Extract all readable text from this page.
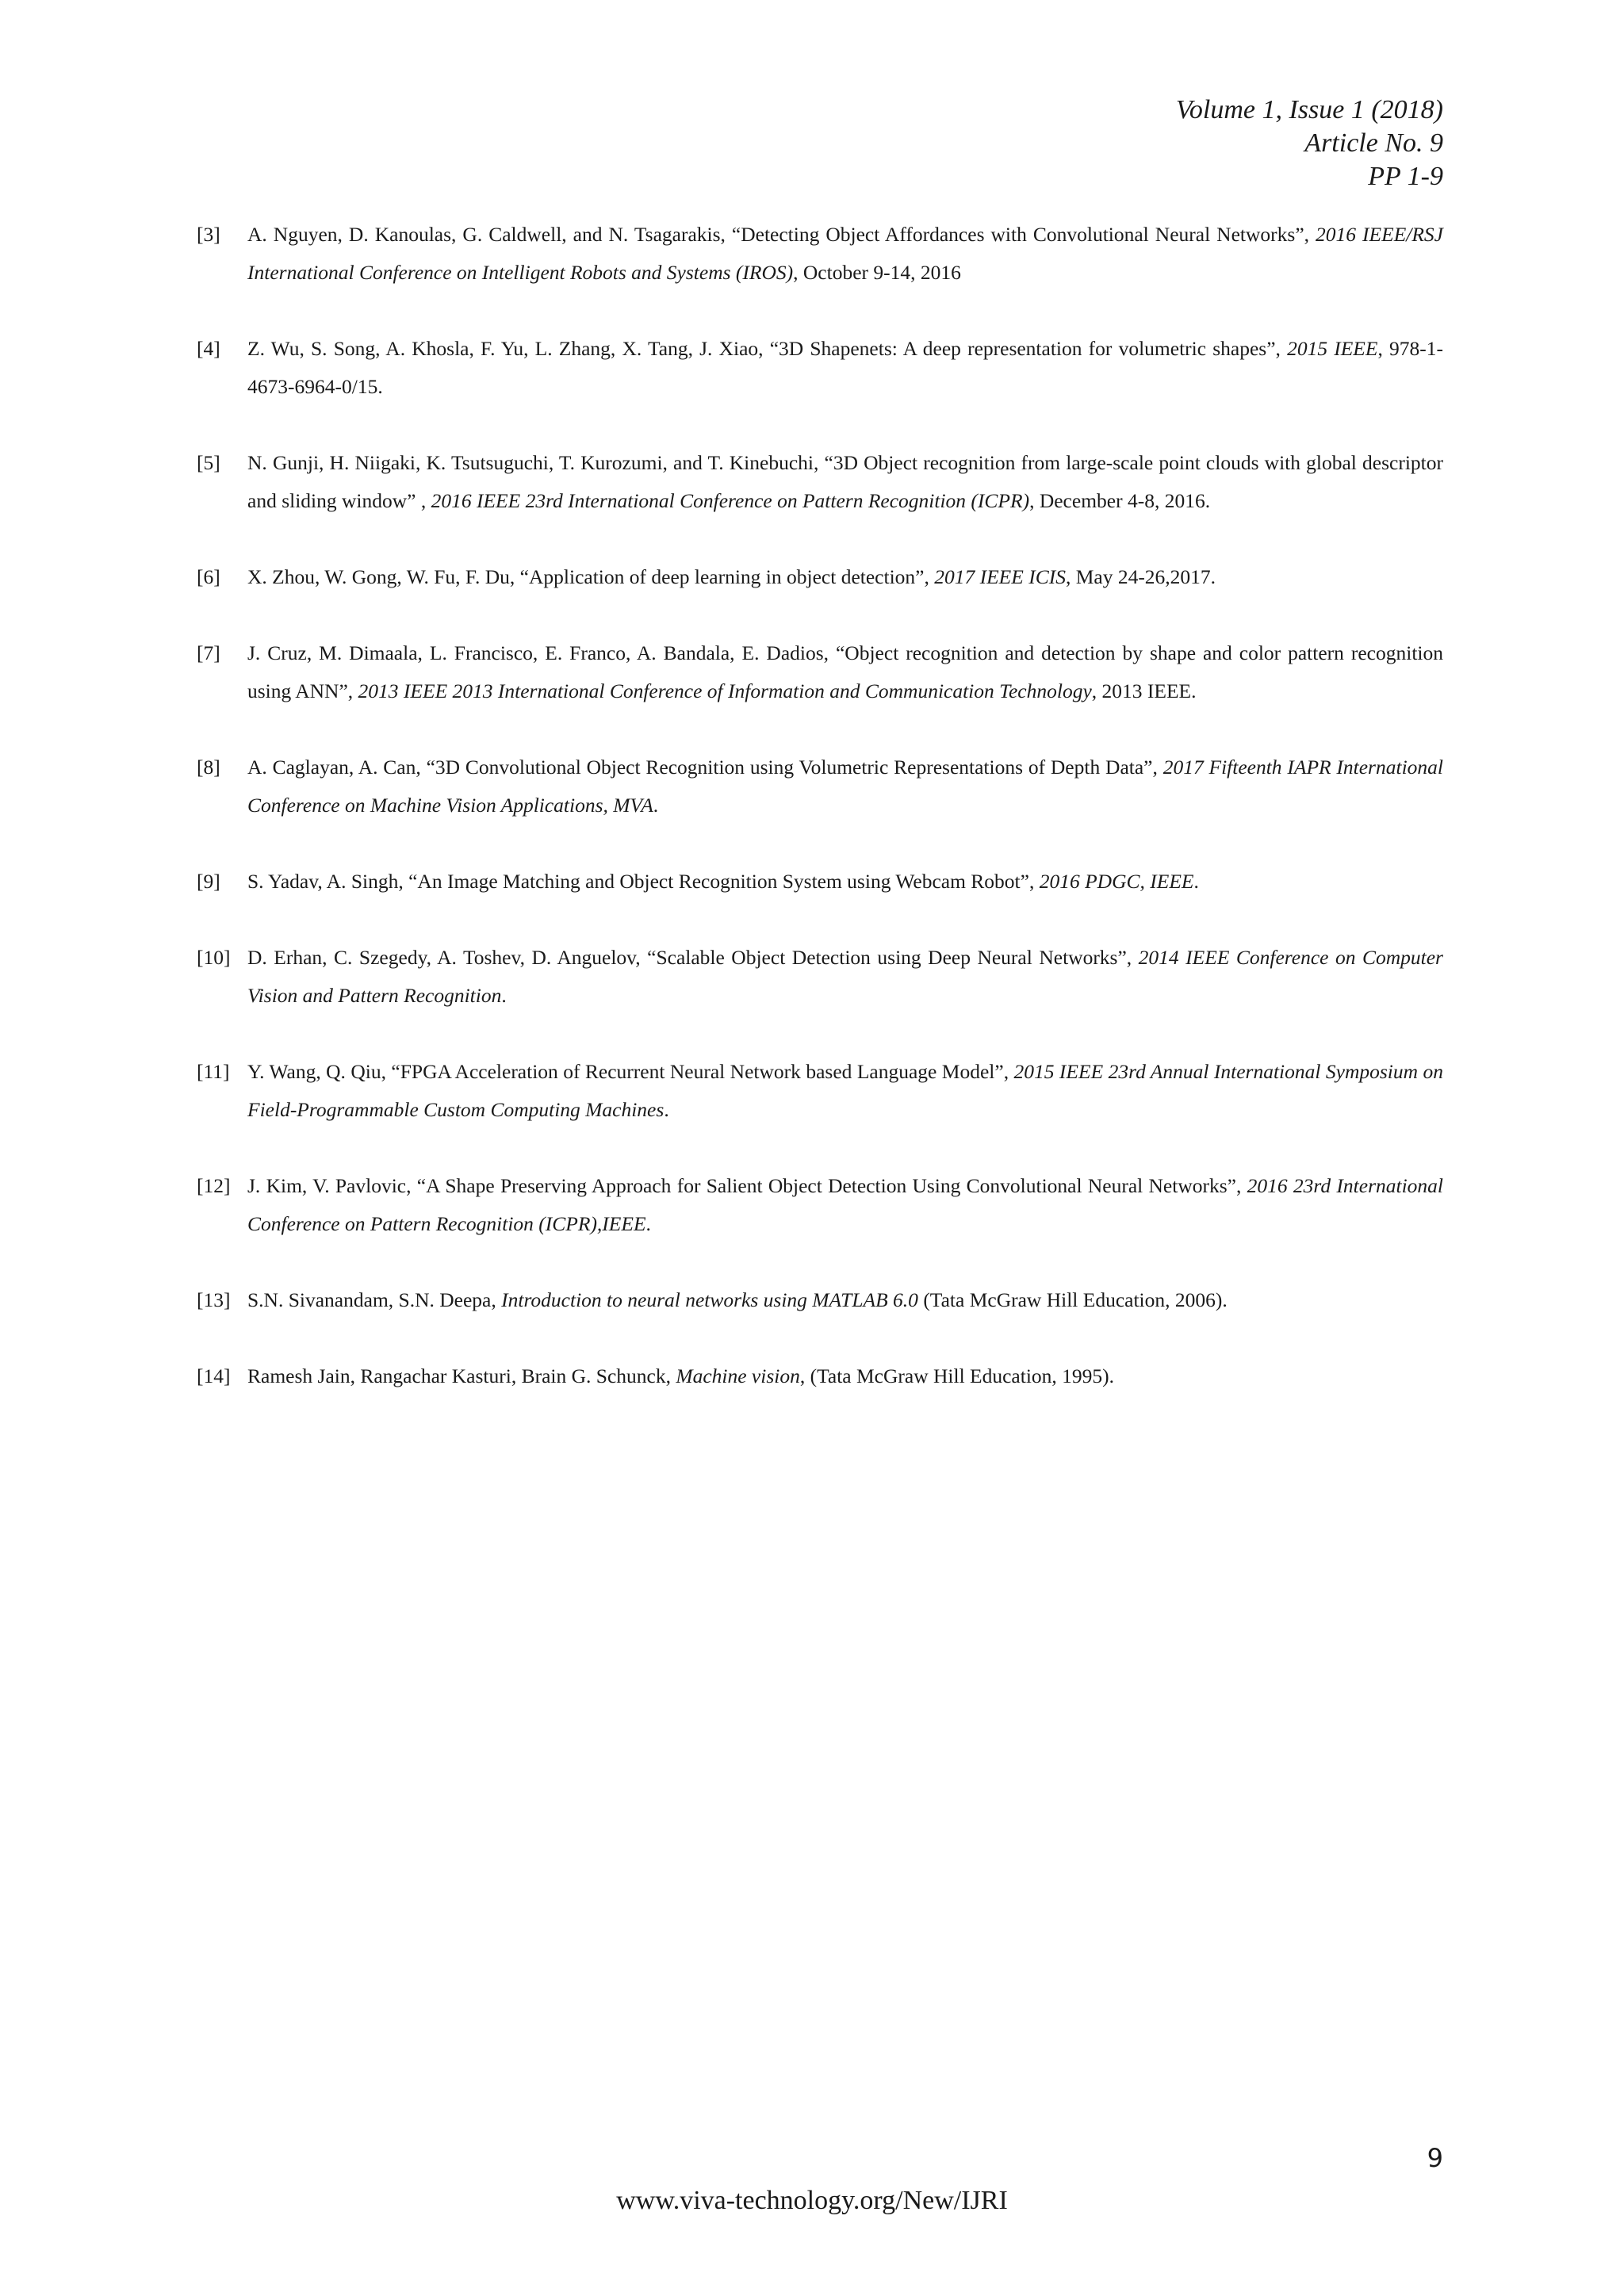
Volume 1, Issue 1 (2018)
Article No. 9
PP 1-9
[3]	A. Nguyen, D. Kanoulas, G. Caldwell, and N. Tsagarakis, “Detecting Object Affordances with Convolutional Neural Networks”, 2016 IEEE/RSJ International Conference on Intelligent Robots and Systems (IROS), October 9-14, 2016
[4]	Z. Wu, S. Song, A. Khosla, F. Yu, L. Zhang, X. Tang, J. Xiao, “3D Shapenets: A deep representation for volumetric shapes”, 2015 IEEE, 978-1-4673-6964-0/15.
[5]	N. Gunji, H. Niigaki, K. Tsutsuguchi, T. Kurozumi, and T. Kinebuchi, “3D Object recognition from large-scale point clouds with global descriptor and sliding window” , 2016 IEEE 23rd International Conference on Pattern Recognition (ICPR), December 4-8, 2016.
[6]	X. Zhou, W. Gong, W. Fu, F. Du, “Application of deep learning in object detection”, 2017 IEEE ICIS, May 24-26,2017.
[7]	J. Cruz, M. Dimaala, L. Francisco, E. Franco, A. Bandala, E. Dadios, “Object recognition and detection by shape and color pattern recognition using ANN”, 2013 IEEE 2013 International Conference of Information and Communication Technology, 2013 IEEE.
[8]	A. Caglayan, A. Can, “3D Convolutional Object Recognition using Volumetric Representations of Depth Data”, 2017 Fifteenth IAPR International Conference on Machine Vision Applications, MVA.
[9]	S. Yadav, A. Singh, “An Image Matching and Object Recognition System using Webcam Robot”, 2016 PDGC, IEEE.
[10] D. Erhan, C. Szegedy, A. Toshev, D. Anguelov, “Scalable Object Detection using Deep Neural Networks”, 2014 IEEE Conference on Computer Vision and Pattern Recognition.
[11] Y. Wang, Q. Qiu, “FPGA Acceleration of Recurrent Neural Network based Language Model”, 2015 IEEE 23rd Annual International Symposium on Field-Programmable Custom Computing Machines.
[12] J. Kim, V. Pavlovic, “A Shape Preserving Approach for Salient Object Detection Using Convolutional Neural Networks”, 2016 23rd International Conference on Pattern Recognition (ICPR),IEEE.
[13] S.N. Sivanandam, S.N. Deepa, Introduction to neural networks using MATLAB 6.0 (Tata McGraw Hill Education, 2006).
[14] Ramesh Jain, Rangachar Kasturi, Brain G. Schunck, Machine vision, (Tata McGraw Hill Education, 1995).
9
www.viva-technology.org/New/IJRI
